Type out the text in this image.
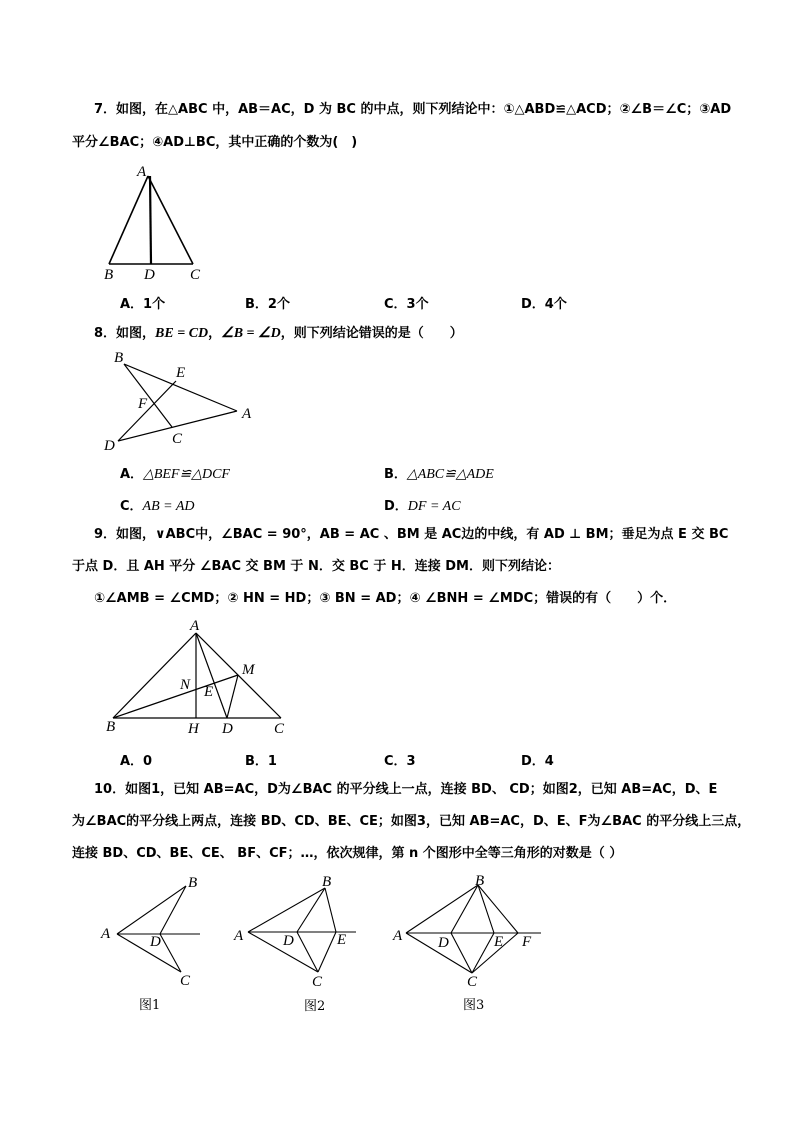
7．如图，在△ABC 中，AB＝AC，D 为 BC 的中点，则下列结论中：①△ABD≌△ACD；②∠B＝∠C；③AD
平分∠BAC；④AD⊥BC，其中正确的个数为(　)
A
B D C
A．1个	B．2个	C．3个	D．4个
8．如图，BE = CD，∠B = ∠D，则下列结论错误的是（　　）
B
E
F
A
D	C
A．△BEF≌△DCF	B．△ABC≌△ADE
C．AB = AD	D．DF = AC
9．如图，∨ABC中，∠BAC = 90°，AB = AC 、BM 是 AC边的中线，有 AD ⊥ BM；垂足为点 E 交 BC
于点 D．且 AH 平分 ∠BAC 交 BM 于 N．交 BC 于 H．连接 DM．则下列结论：
①∠AMB = ∠CMD；② HN = HD；③ BN = AD；④ ∠BNH = ∠MDC；错误的有（　　）个．
A
M
N E
B	H D	C
A．0	B．1	C．3	D．4
10．如图1，已知 AB=AC，D为∠BAC 的平分线上一点，连接 BD、 CD；如图2，已知 AB=AC，D、E
为∠BAC的平分线上两点，连接 BD、CD、BE、CE；如图3，已知 AB=AC，D、E、F为∠BAC 的平分线上三点，
连接 BD、CD、BE、CE、 BF、CF；…，依次规律，第 n 个图形中全等三角形的对数是（ ）
A
B
D
C
图1
A
B
D	E
C
图2
A
B
D	E F
C
图3
